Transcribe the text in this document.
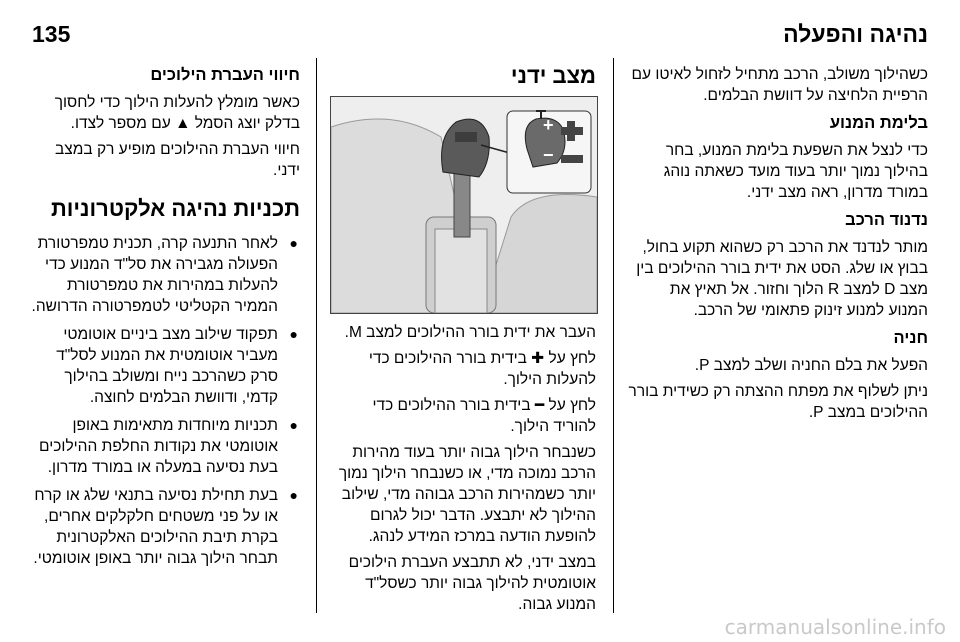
135	נהיגה והפעלה

כשהילוך משולב, הרכב מתחיל לזחול לאיטו עם הרפיית הלחיצה על דוושת הבלמים.

בלימת המנוע

כדי לנצל את השפעת בלימת המנוע, בחר בהילוך נמוך יותר בעוד מועד כשאתה נוהג במורד מדרון, ראה מצב ידני.

נדנוד הרכב

מותר לנדנד את הרכב רק כשהוא תקוע בחול, בבוץ או שלג. הסט את ידית בורר ההילוכים בין מצב D למצב R הלוך וחזור. אל תאיץ את המנוע למנוע זינוק פתאומי של הרכב.

חניה

הפעל את בלם החניה ושלב למצב P.

ניתן לשלוף את מפתח ההצתה רק כשידית בורר ההילוכים במצב P.

מצב ידני
+
−

העבר את ידית בורר ההילוכים למצב M.

לחץ על ✚ בידית בורר ההילוכים כדי להעלות הילוך.

לחץ על ━ בידית בורר ההילוכים כדי להוריד הילוך.

כשנבחר הילוך גבוה יותר בעוד מהירות הרכב נמוכה מדי, או כשנבחר הילוך נמוך יותר כשמהירות הרכב גבוהה מדי, שילוב ההילוך לא יתבצע. הדבר יכול לגרום להופעת הודעה במרכז המידע לנהג.

במצב ידני, לא תתבצע העברת הילוכים אוטומטית להילוך גבוה יותר כשסל"ד המנוע גבוה.

חיווי העברת הילוכים

כאשר מומלץ להעלות הילוך כדי לחסוך בדלק יוצג הסמל ▲ עם מספר לצדו.

חיווי העברת ההילוכים מופיע רק במצב ידני.

תכניות נהיגה אלקטרוניות
●
לאחר התנעה קרה, תכנית טמפרטורת הפעולה מגבירה את סל"ד המנוע כדי להעלות במהירות את טמפרטורת הממיר הקטליטי לטמפרטורה הדרושה.
●
תפקוד שילוב מצב ביניים אוטומטי מעביר אוטומטית את המנוע לסל"ד סרק כשהרכב נייח ומשולב בהילוך קדמי, ודוושת הבלמים לחוצה.
●
תכניות מיוחדות מתאימות באופן אוטומטי את נקודות החלפת ההילוכים בעת נסיעה במעלה או במורד מדרון.
●
בעת תחילת נסיעה בתנאי שלג או קרח או על פני משטחים חלקלקים אחרים, בקרת תיבת ההילוכים האלקטרונית תבחר הילוך גבוה יותר באופן אוטומטי.
carmanualsonline.info
